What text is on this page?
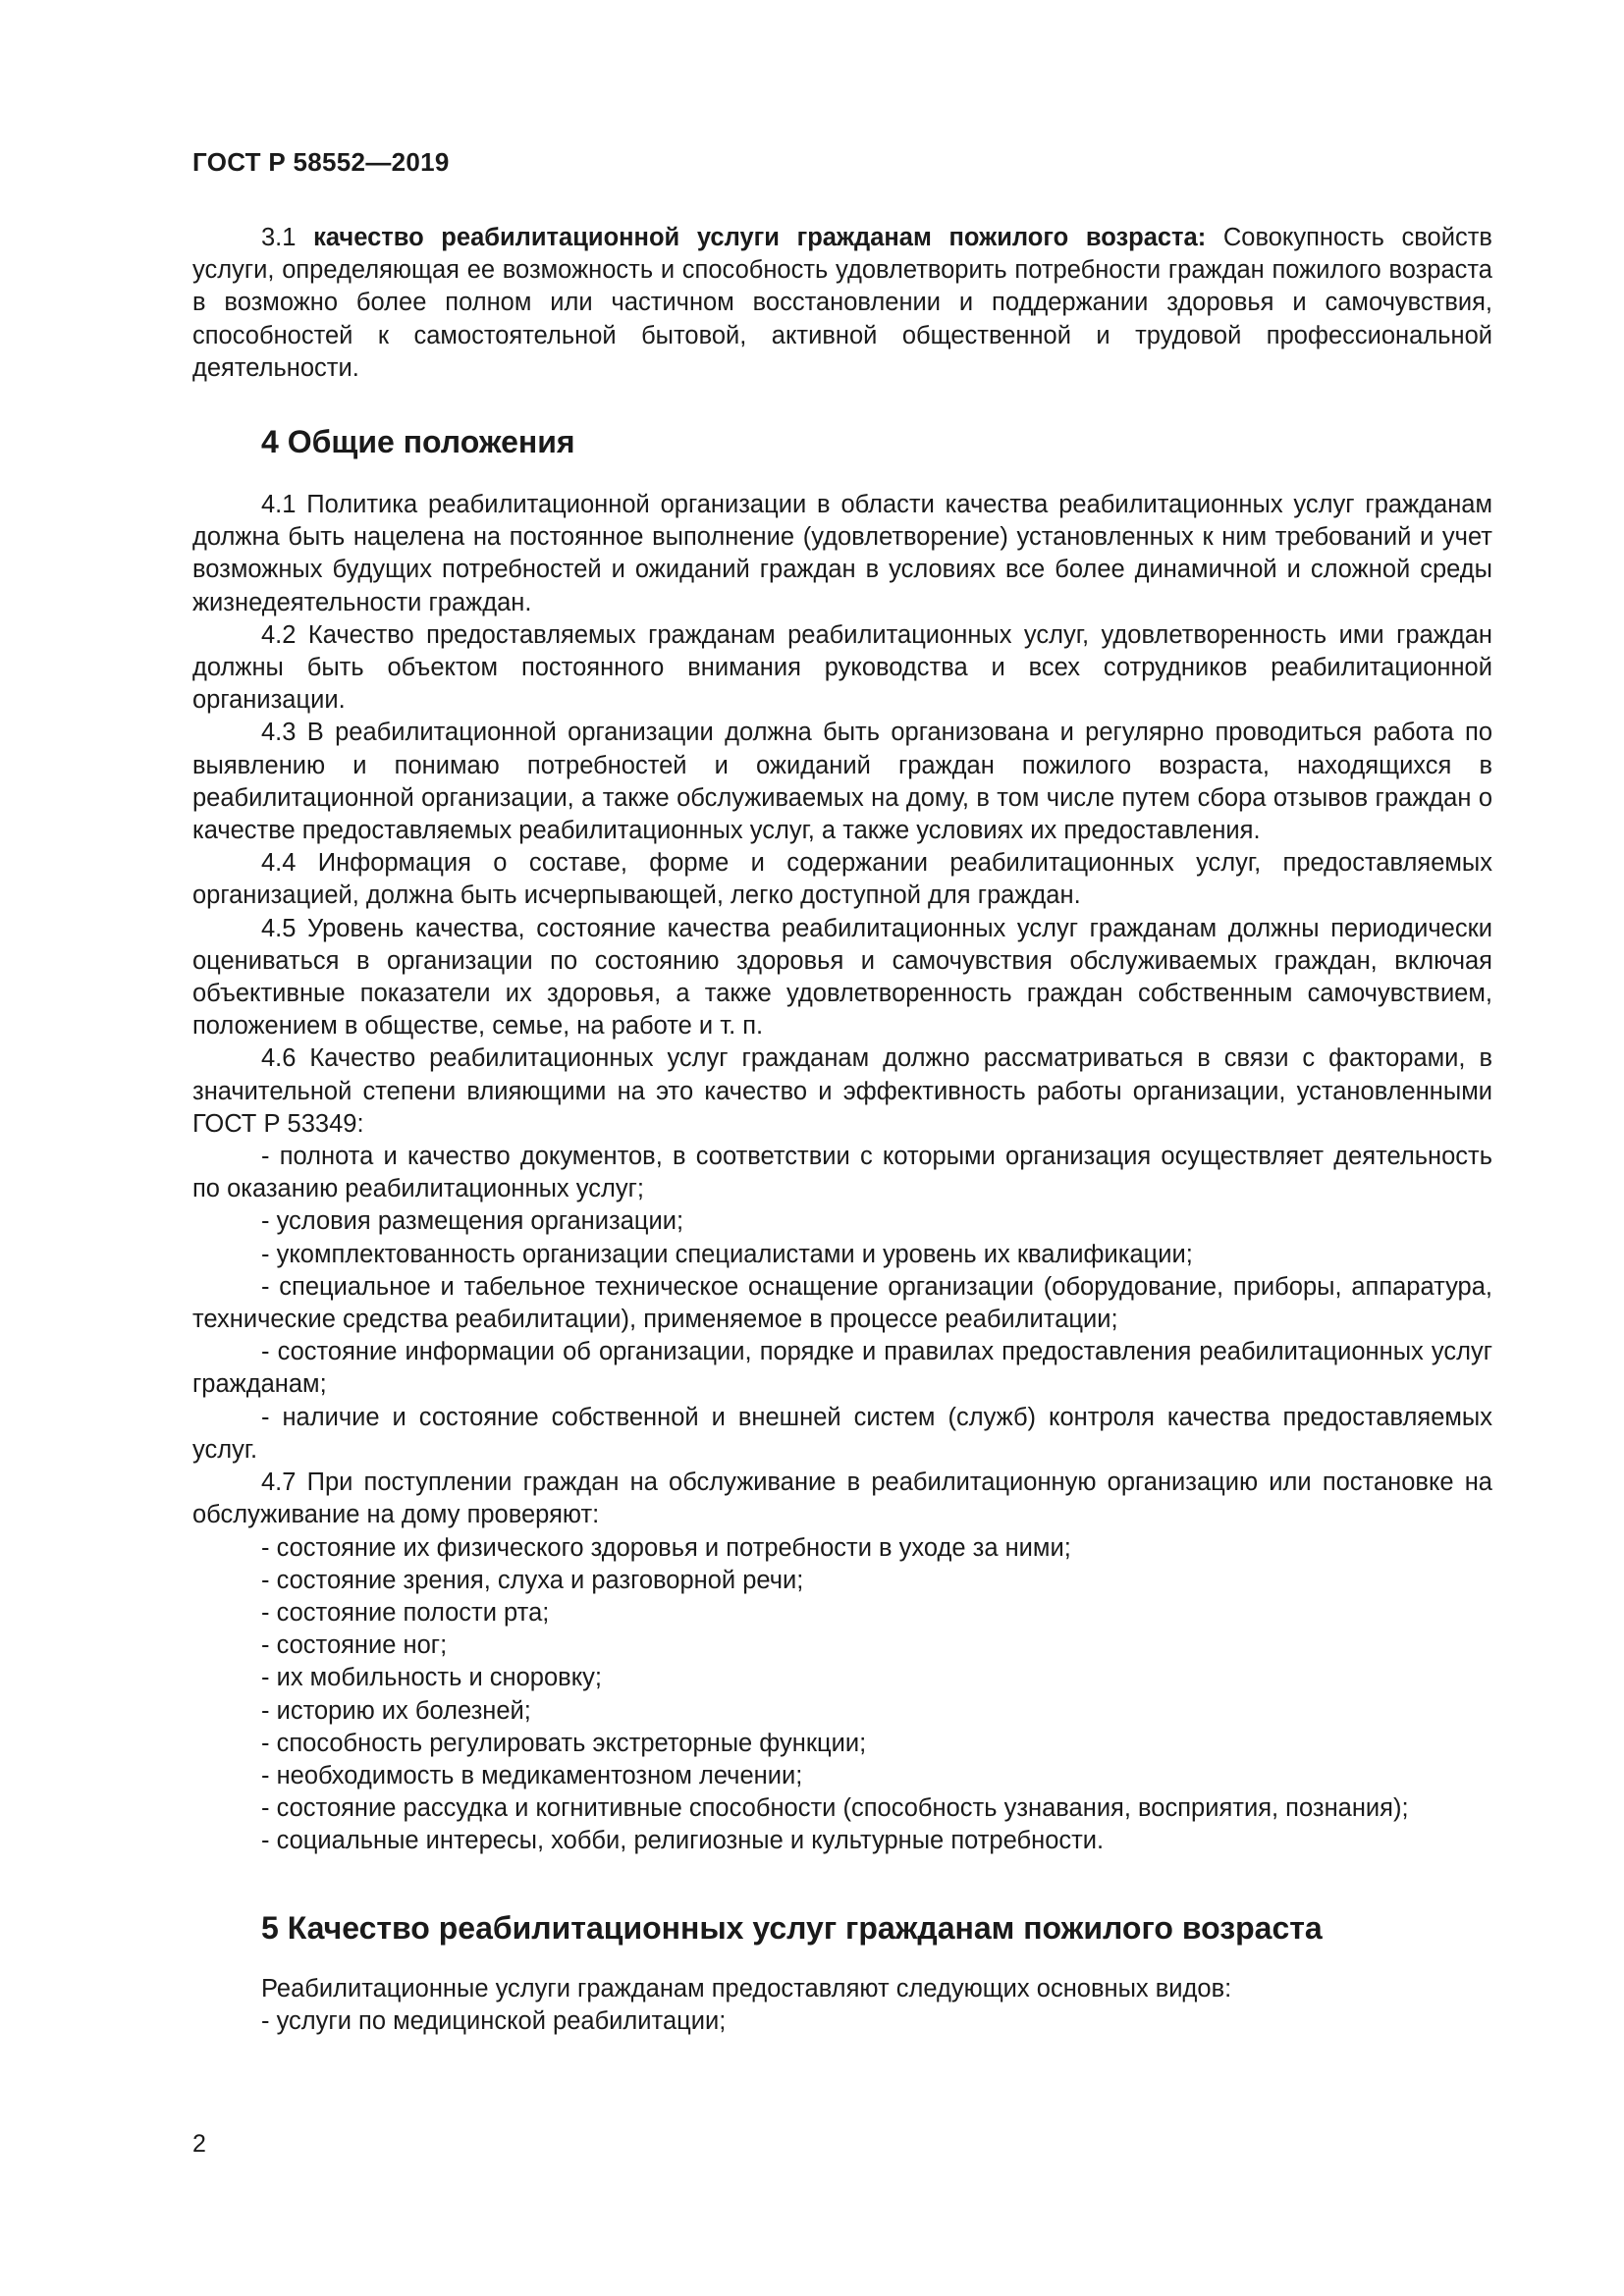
ГОСТ Р 58552—2019

3.1 качество реабилитационной услуги гражданам пожилого возраста: Совокупность свойств услуги, определяющая ее возможность и способность удовлетворить потребности граждан пожилого возраста в возможно более полном или частичном восстановлении и поддержании здоровья и самочувствия, способностей к самостоятельной бытовой, активной общественной и трудовой профессиональной деятельности.

4 Общие положения

4.1 Политика реабилитационной организации в области качества реабилитационных услуг гражданам должна быть нацелена на постоянное выполнение (удовлетворение) установленных к ним требований и учет возможных будущих потребностей и ожиданий граждан в условиях все более динамичной и сложной среды жизнедеятельности граждан.

4.2 Качество предоставляемых гражданам реабилитационных услуг, удовлетворенность ими граждан должны быть объектом постоянного внимания руководства и всех сотрудников реабилитационной организации.

4.3 В реабилитационной организации должна быть организована и регулярно проводиться работа по выявлению и понимаю потребностей и ожиданий граждан пожилого возраста, находящихся в реабилитационной организации, а также обслуживаемых на дому, в том числе путем сбора отзывов граждан о качестве предоставляемых реабилитационных услуг, а также условиях их предоставления.

4.4 Информация о составе, форме и содержании реабилитационных услуг, предоставляемых организацией, должна быть исчерпывающей, легко доступной для граждан.

4.5 Уровень качества, состояние качества реабилитационных услуг гражданам должны периодически оцениваться в организации по состоянию здоровья и самочувствия обслуживаемых граждан, включая объективные показатели их здоровья, а также удовлетворенность граждан собственным самочувствием, положением в обществе, семье, на работе и т. п.

4.6 Качество реабилитационных услуг гражданам должно рассматриваться в связи с факторами, в значительной степени влияющими на это качество и эффективность работы организации, установленными ГОСТ Р 53349:

- полнота и качество документов, в соответствии с которыми организация осуществляет деятельность по оказанию реабилитационных услуг;

- условия размещения организации;

- укомплектованность организации специалистами и уровень их квалификации;

- специальное и табельное техническое оснащение организации (оборудование, приборы, аппаратура, технические средства реабилитации), применяемое в процессе реабилитации;

- состояние информации об организации, порядке и правилах предоставления реабилитационных услуг гражданам;

- наличие и состояние собственной и внешней систем (служб) контроля качества предоставляемых услуг.

4.7 При поступлении граждан на обслуживание в реабилитационную организацию или постановке на обслуживание на дому проверяют:

- состояние их физического здоровья и потребности в уходе за ними;

- состояние зрения, слуха и разговорной речи;

- состояние полости рта;

- состояние ног;

- их мобильность и сноровку;

- историю их болезней;

- способность регулировать экстреторные функции;

- необходимость в медикаментозном лечении;

- состояние рассудка и когнитивные способности (способность узнавания, восприятия, познания);

- социальные интересы, хобби, религиозные и культурные потребности.

5 Качество реабилитационных услуг гражданам пожилого возраста

Реабилитационные услуги гражданам предоставляют следующих основных видов:

- услуги по медицинской реабилитации;

2
